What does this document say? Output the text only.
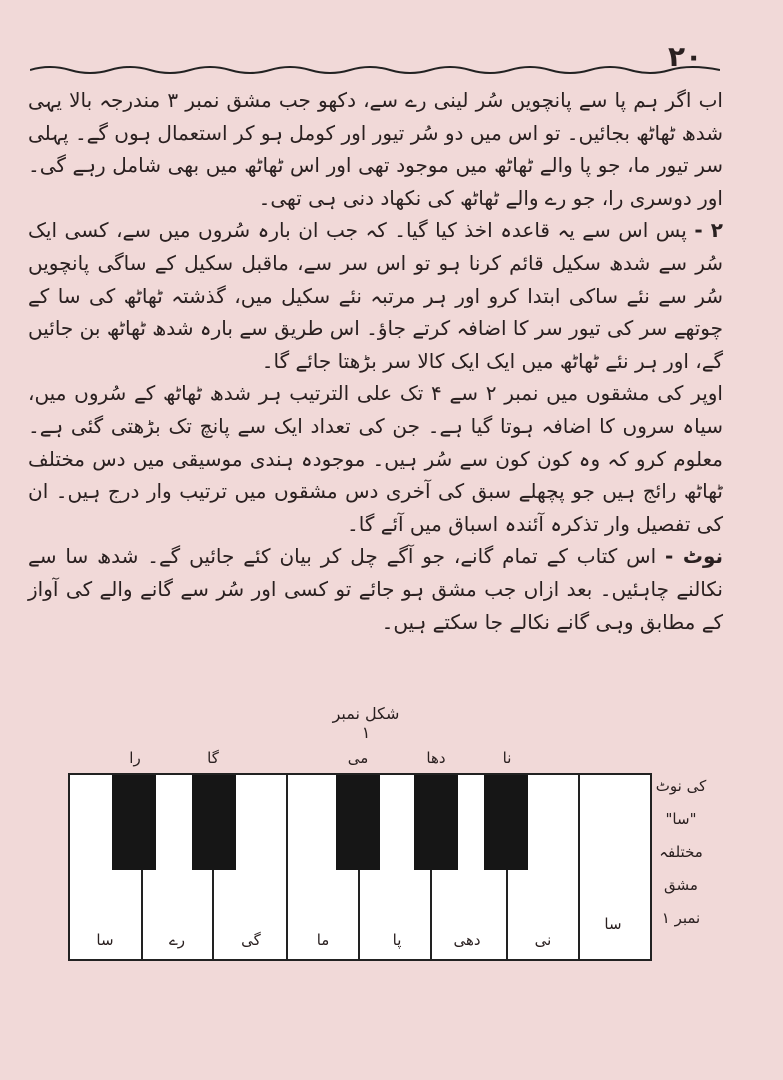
۲۰

اب اگر ہم پا سے پانچویں سُر لینی رے سے، دکھو جب مشق نمبر ۳ مندرجہ بالا یہی شدھ ٹھاٹھ بجائیں۔ تو اس میں دو سُر تیور اور کومل ہو کر استعمال ہوں گے۔ پہلی سر تیور ما، جو پا والے ٹھاٹھ میں موجود تھی اور اس ٹھاٹھ میں بھی شامل رہے گی۔ اور دوسری را، جو رے والے ٹھاٹھ کی نکھاد دنی ہی تھی۔

۲ - پس اس سے یہ قاعدہ اخذ کیا گیا۔ کہ جب ان بارہ سُروں میں سے، کسی ایک سُر سے شدھ سکیل قائم کرنا ہو تو اس سر سے، ماقبل سکیل کے ساگی پانچویں سُر سے نئے ساکی ابتدا کرو اور ہر مرتبہ نئے سکیل میں، گذشتہ ٹھاٹھ کی سا کے چوتھے سر کی تیور سر کا اضافہ کرتے جاؤ۔ اس طریق سے بارہ شدھ ٹھاٹھ بن جائیں گے، اور ہر نئے ٹھاٹھ میں ایک ایک کالا سر بڑھتا جائے گا۔

اوپر کی مشقوں میں نمبر ۲ سے ۴ تک علی الترتیب ہر شدھ ٹھاٹھ کے سُروں میں، سیاہ سروں کا اضافہ ہوتا گیا ہے۔ جن کی تعداد ایک سے پانچ تک بڑھتی گئی ہے۔ معلوم کرو کہ وہ کون کون سے سُر ہیں۔ موجودہ ہندی موسیقی میں دس مختلف ٹھاٹھ رائج ہیں جو پچھلے سبق کی آخری دس مشقوں میں ترتیب وار درج ہیں۔ ان کی تفصیل وار تذکرہ آئندہ اسباق میں آئے گا۔

نوٹ - اس کتاب کے تمام گانے، جو آگے چل کر بیان کئے جائیں گے۔ شدھ سا سے نکالنے چاہئیں۔ بعد ازاں جب مشق ہو جائے تو کسی اور سُر سے گانے والے کی آواز کے مطابق وہی گانے نکالے جا سکتے ہیں۔

شکل نمبر ۱
را	گا	می	دھا	نا
سا	رے	گی	ما	پا	دھی	نی
سا
کی نوٹ
"سا"
مختلفہ
مشق
نمبر ۱
